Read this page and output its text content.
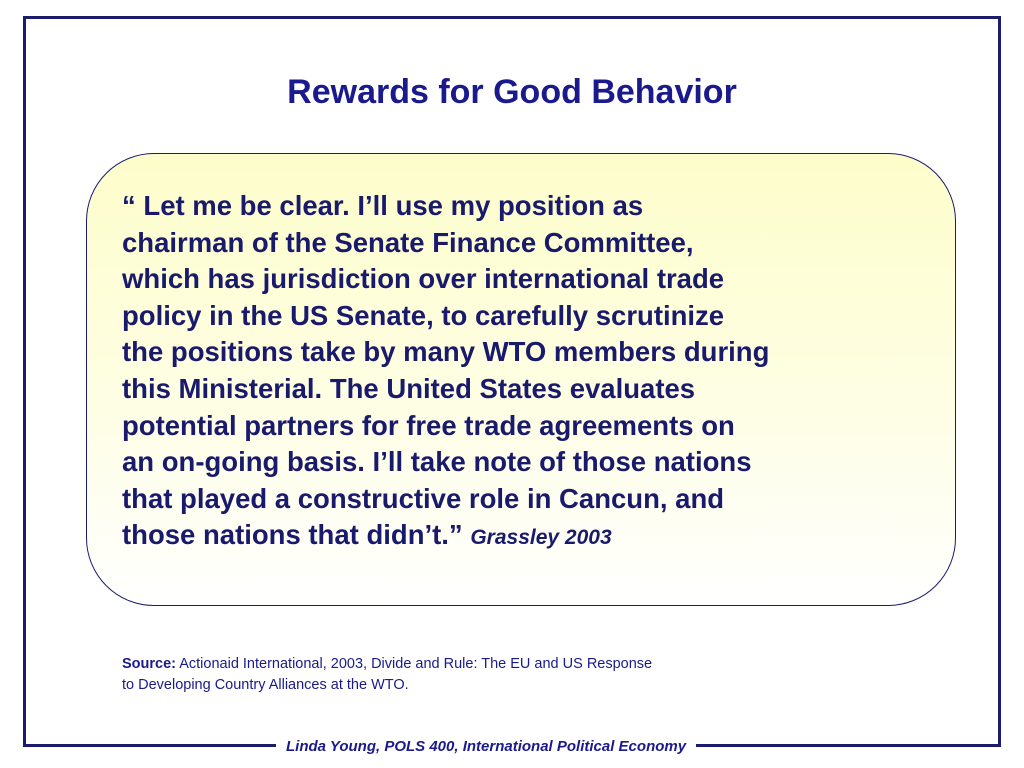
Rewards for Good Behavior

“ Let me be clear. I’ll use my position as
chairman of the Senate Finance Committee,
which has jurisdiction over international trade
policy in the US Senate, to carefully scrutinize
the positions take by many WTO members during
this Ministerial. The United States evaluates
potential partners for free trade agreements on
an on-going basis. I’ll take note of those nations
that played a constructive role in Cancun, and
those nations that didn’t.” Grassley 2003

Source: Actionaid International, 2003, Divide and Rule: The EU and US Response
to Developing Country Alliances at the WTO.

Linda Young, POLS 400, International Political Economy
